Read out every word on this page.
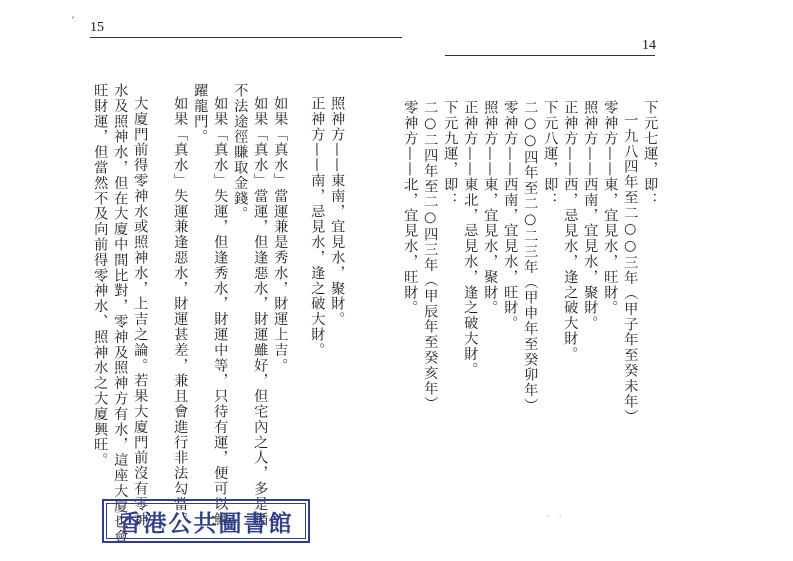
´ 15
14
照神方——東南，宜見水，聚財。
正神方——南，忌見水，逢之破大財。
如果「真水」當運兼是秀水，財運上吉。
如果「真水」當運，但逢惡水，財運雖好，但宅內之人，多是循
不法途徑賺取金錢。
如果「真水」失運，但逢秀水，財運中等，只待有運，便可以鯉
躍龍門。
如果「真水」失運兼逢惡水，財運甚差，兼且會進行非法勾當。
大廈門前得零神水或照神水，上吉之論。若果大廈門前沒有零神
水及照神水，但在大廈中間比對，零神及照神方有水，這座大廈也會
旺財運，但當然不及向前得零神水、照神水之大廈興旺。	下元七運，即：
一九八四年至二○○三年（甲子年至癸未年）
零神方——東，宜見水，旺財。
照神方——西南，宜見水，聚財。
正神方——西，忌見水，逢之破大財。
下元八運，即：
二○○四年至二○二三年（甲申年至癸卯年）
零神方——西南，宜見水，旺財。
照神方——東，宜見水，聚財。
正神方——東北，忌見水，逢之破大財。
下元九運，即：
二○二四年至二○四三年（甲辰年至癸亥年）
零神方——北，宜見水，旺財。
· ·
香港公共圖書館
